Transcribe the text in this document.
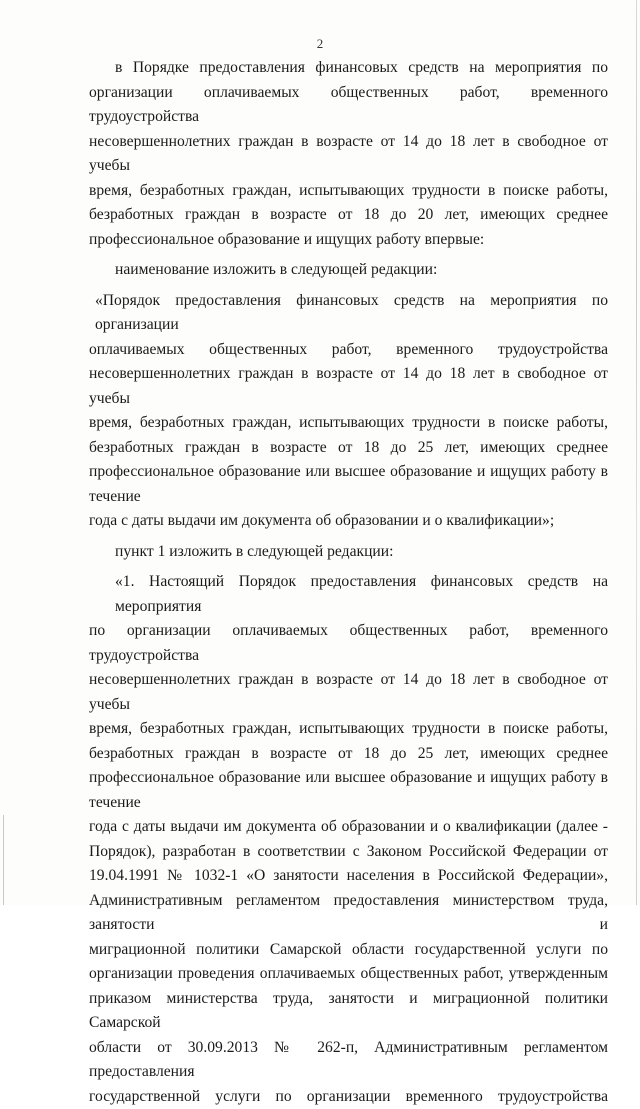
2

в Порядке предоставления финансовых средств на мероприятия по
организации оплачиваемых общественных работ, временного трудоустройства
несовершеннолетних граждан в возрасте от 14 до 18 лет в свободное от учебы
время, безработных граждан, испытывающих трудности в поиске работы,
безработных граждан в возрасте от 18 до 20 лет, имеющих среднее
профессиональное образование и ищущих работу впервые:

наименование изложить в следующей редакции:

«Порядок предоставления финансовых средств на мероприятия по организации
оплачиваемых общественных работ, временного трудоустройства
несовершеннолетних граждан в возрасте от 14 до 18 лет в свободное от учебы
время, безработных граждан, испытывающих трудности в поиске работы,
безработных граждан в возрасте от 18 до 25 лет, имеющих среднее
профессиональное образование или высшее образование и ищущих работу в течение
года с даты выдачи им документа об образовании и о квалификации»;

пункт 1 изложить в следующей редакции:

«1. Настоящий Порядок предоставления финансовых средств на мероприятия
по организации оплачиваемых общественных работ, временного трудоустройства
несовершеннолетних граждан в возрасте от 14 до 18 лет в свободное от учебы
время, безработных граждан, испытывающих трудности в поиске работы,
безработных граждан в возрасте от 18 до 25 лет, имеющих среднее
профессиональное образование или высшее образование и ищущих работу в течение
года с даты выдачи им документа об образовании и о квалификации (далее -
Порядок), разработан в соответствии с Законом Российской Федерации от
19.04.1991 № 1032-1 «О занятости населения в Российской Федерации»,
Административным регламентом предоставления министерством труда, занятости и
миграционной политики Самарской области государственной услуги по
организации проведения оплачиваемых общественных работ, утвержденным
приказом министерства труда, занятости и миграционной политики Самарской
области от 30.09.2013 № 262-п, Административным регламентом предоставления
государственной услуги по организации временного трудоустройства
